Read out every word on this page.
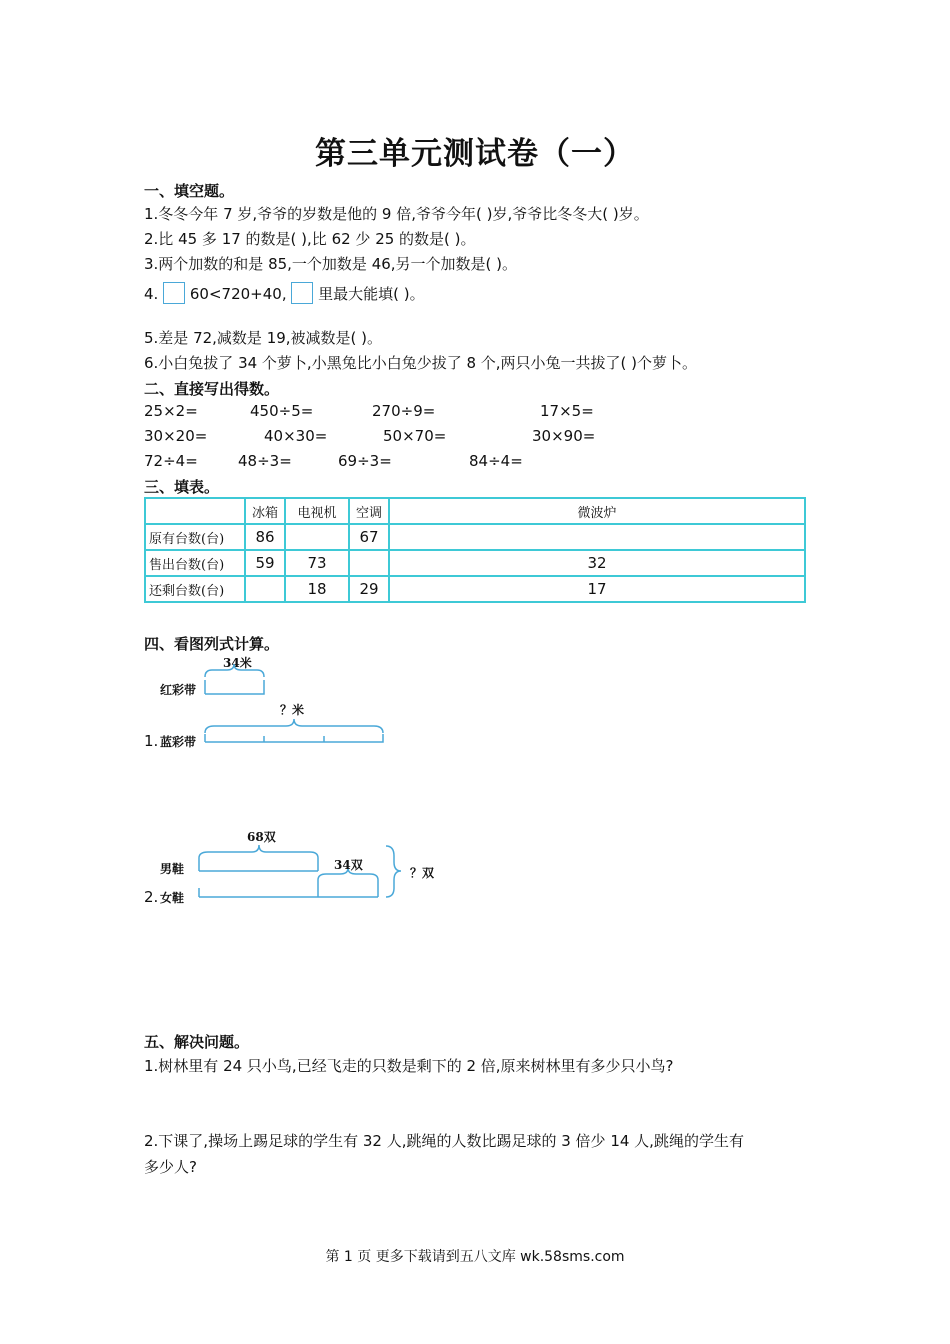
第三单元测试卷（一）
一、填空题。
1.冬冬今年 7 岁,爷爷的岁数是他的 9 倍,爷爷今年( )岁,爷爷比冬冬大( )岁。
2.比 45 多 17 的数是( ),比 62 少 25 的数是( )。
3.两个加数的和是 85,一个加数是 46,另一个加数是( )。
4. 60<720+40, 里最大能填( )。
5.差是 72,减数是 19,被减数是( )。
6.小白兔拔了 34 个萝卜,小黑兔比小白兔少拔了 8 个,两只小兔一共拔了( )个萝卜。
二、直接写出得数。
25×2=	450÷5=	270÷9=	17×5=
30×20=	40×30=	50×70=	30×90=
72÷4=	48÷3=	69÷3=	84÷4=
三、填表。
	冰箱	电视机	空调	微波炉
原有台数(台)	86		67	
售出台数(台)	59	73		32
还剩台数(台)		18	29	17
四、看图列式计算。
34米
红彩带
？米
1. 蓝彩带
68双
男鞋	34双
？双
2. 女鞋
五、解决问题。
1.树林里有 24 只小鸟,已经飞走的只数是剩下的 2 倍,原来树林里有多少只小鸟?
2.下课了,操场上踢足球的学生有 32 人,跳绳的人数比踢足球的 3 倍少 14 人,跳绳的学生有
多少人?
第 1 页 更多下载请到五八文库 wk.58sms.com
